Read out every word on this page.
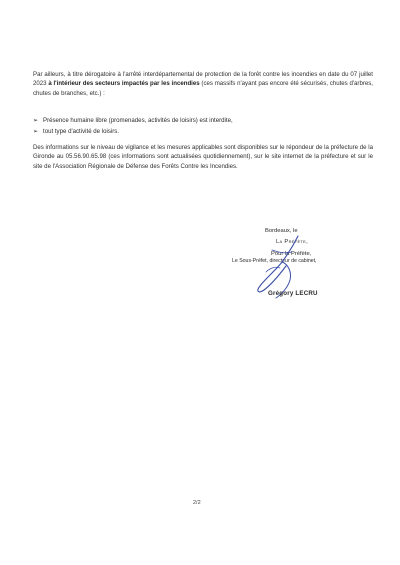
Par ailleurs, à titre dérogatoire à l'arrêté interdépartemental de protection de la forêt contre les incendies en date du 07 juillet 2023 à l'intérieur des secteurs impactés par les incendies (ces massifs n'ayant pas encore été sécurisés, chutes d'arbres, chutes de branches, etc.) :
➢ Présence humaine libre (promenades, activités de loisirs) est interdite,
➢ tout type d'activité de loisirs.
Des informations sur le niveau de vigilance et les mesures applicables sont disponibles sur le répondeur de la préfecture de la Gironde au 05.56.90.65.98 (ces informations sont actualisées quotidiennement), sur le site internet de la préfecture et sur le site de l'Association Régionale de Défense des Forêts Contre les Incendies.
Bordeaux, le
La Préfète,
Pour la Préfète,
Le Sous-Préfet, directeur de cabinet,
Grégory LECRU
2/2
